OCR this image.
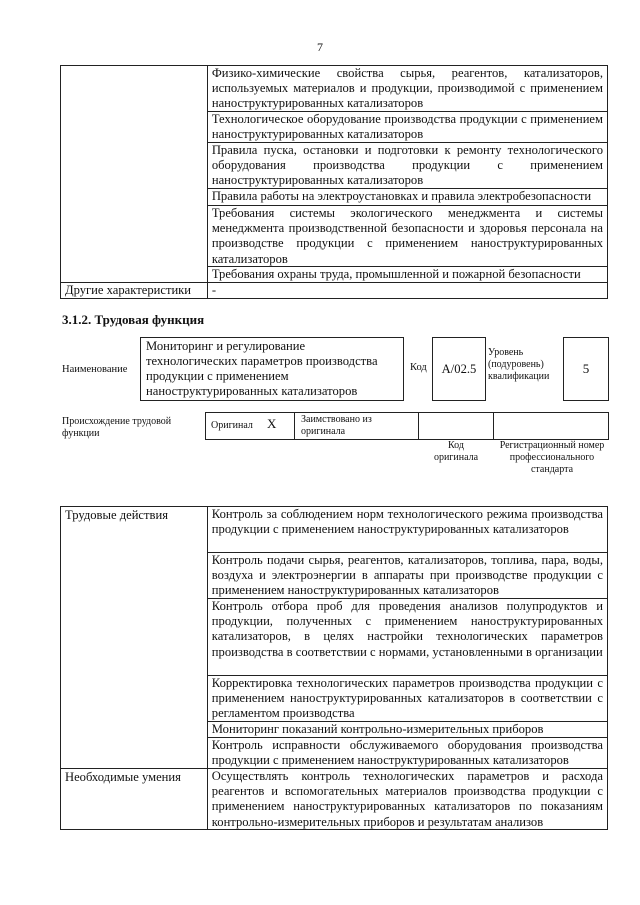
7

	Физико-химические свойства сырья, реагентов, катализаторов, используемых материалов и продукции, производимой с применением наноструктурированных катализаторов

	Технологическое оборудование производства продукции с применением наноструктурированных катализаторов

	Правила пуска, остановки и подготовки к ремонту технологического оборудования производства продукции с применением наноструктурированных катализаторов

	Правила работы на электроустановках и правила электробезопасности

	Требования системы экологического менеджмента и системы менеджмента производственной безопасности и здоровья персонала на производстве продукции с применением наноструктурированных катализаторов

	Требования охраны труда, промышленной и пожарной безопасности

Другие характеристики	-
3.1.2. Трудовая функция
Наименование
Мониторинг и регулирование технологических параметров производства продукции с применением наноструктурированных катализаторов
Код	А/02.5
Уровень (подуровень) квалификации
5
Происхождение трудовой функции
Оригинал X Заимствовано из оригинала
Код оригинала
Регистрационный номер профессионального стандарта
Трудовые действия	Контроль за соблюдением норм технологического режима производства продукции с применением наноструктурированных катализаторов

	Контроль подачи сырья, реагентов, катализаторов, топлива, пара, воды, воздуха и электроэнергии в аппараты при производстве продукции с применением наноструктурированных катализаторов

	Контроль отбора проб для проведения анализов полупродуктов и продукции, полученных с применением наноструктурированных катализаторов, в целях настройки технологических параметров производства в соответствии с нормами, установленными в организации

	Корректировка технологических параметров производства продукции с применением наноструктурированных катализаторов в соответствии с регламентом производства

	Мониторинг показаний контрольно-измерительных приборов

	Контроль исправности обслуживаемого оборудования производства продукции с применением наноструктурированных катализаторов

Необходимые умения	Осуществлять контроль технологических параметров и расхода реагентов и вспомогательных материалов производства продукции с применением наноструктурированных катализаторов по показаниям контрольно-измерительных приборов и результатам анализов
